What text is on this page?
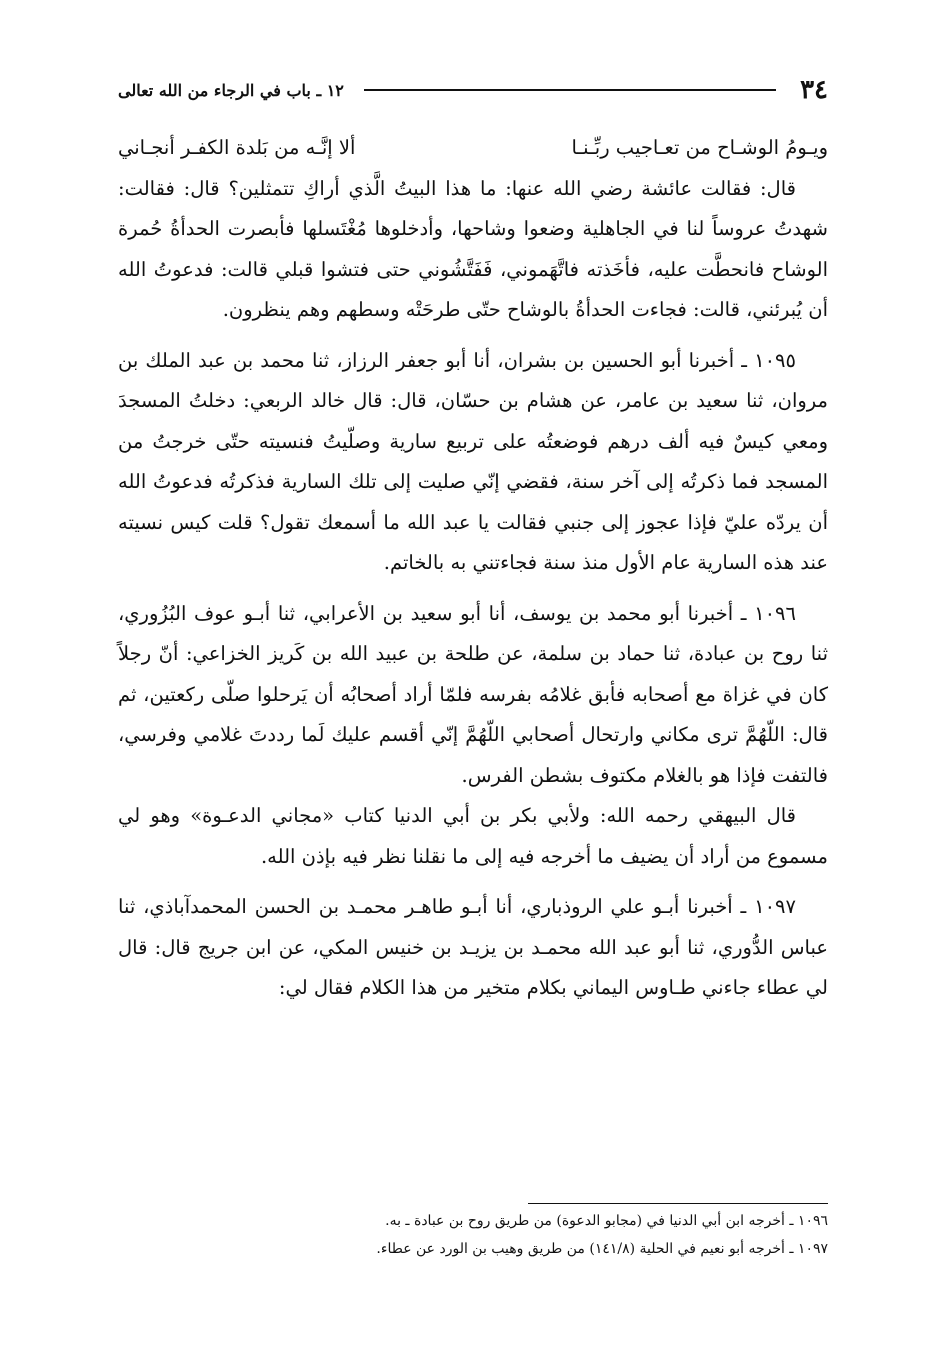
٣٤
١٢ ـ باب في الرجاء من الله تعالى
ويـومُ الوشـاح من تعـاجيب ربِّـنـا
ألا إنَّـه من بَلدة الكفـر أنجـاني

قال: فقالت عائشة رضي الله عنها: ما هذا البيتُ الَّذي أراكِ تتمثلين؟ قال: فقالت: شهدتُ عروساً لنا في الجاهلية وضعوا وشاحها، وأدخلوها مُغْتَسلها فأبصرت الحدأةُ حُمرة الوشاح فانحطَّت عليه، فأخَذته فاتَّهَموني، فَفَتَّشُوني حتى فتشوا قبلي قالت: فدعوتُ الله أن يُبرئني، قالت: فجاءت الحدأةُ بالوشاح حتّى طرحَتْه وسطهم وهم ينظرون.

١٠٩٥ ـ أخبرنا أبو الحسين بن بشران، أنا أبو جعفر الرزاز، ثنا محمد بن عبد الملك بن مروان، ثنا سعيد بن عامر، عن هشام بن حسّان، قال: قال خالد الربعي: دخلتُ المسجدَ ومعي كيسٌ فيه ألف درهم فوضعتُه على تربيع سارية وصلّيتُ فنسيته حتّى خرجتُ من المسجد فما ذكرتُه إلى آخر سنة، فقضي إنّي صليت إلى تلك السارية فذكرتُه فدعوتُ الله أن يردّه عليّ فإذا عجوز إلى جنبي فقالت يا عبد الله ما أسمعك تقول؟ قلت كيس نسيته عند هذه السارية عام الأول منذ سنة فجاءتني به بالخاتم.

١٠٩٦ ـ أخبرنا أبو محمد بن يوسف، أنا أبو سعيد بن الأعرابي، ثنا أبـو عوف البُزُوري، ثنا روح بن عبادة، ثنا حماد بن سلمة، عن طلحة بن عبيد الله بن كَريز الخزاعي: أنّ رجلاً كان في غزاة مع أصحابه فأبق غلامُه بفرسه فلمّا أراد أصحابُه أن يَرحلوا صلّى ركعتين، ثم قال: اللّهُمَّ ترى مكاني وارتحال أصحابي اللّهُمَّ إنّي أقسم عليك لَما رددتَ غلامي وفرسي، فالتفت فإذا هو بالغلام مكتوف بشطن الفرس.

قال البيهقي رحمه الله: ولأبي بكر بن أبي الدنيا كتاب «مجاني الدعـوة» وهو لي مسموع من أراد أن يضيف ما أخرجه فيه إلى ما نقلنا نظر فيه بإذن الله.

١٠٩٧ ـ أخبرنا أبـو علي الروذباري، أنا أبـو طاهـر محمـد بن الحسن المحمدآباذي، ثنا عباس الدُّوري، ثنا أبو عبد الله محمـد بن يزيـد بن خنيس المكي، عن ابن جريج قال: قال لي عطاء جاءني طـاوس اليماني بكلام متخير من هذا الكلام فقال لي:

١٠٩٦ ـ أخرجه ابن أبي الدنيا في (مجابو الدعوة) من طريق روح بن عبادة ـ به.

١٠٩٧ ـ أخرجه أبو نعيم في الحلية (١٤١/٨) من طريق وهيب بن الورد عن عطاء.
